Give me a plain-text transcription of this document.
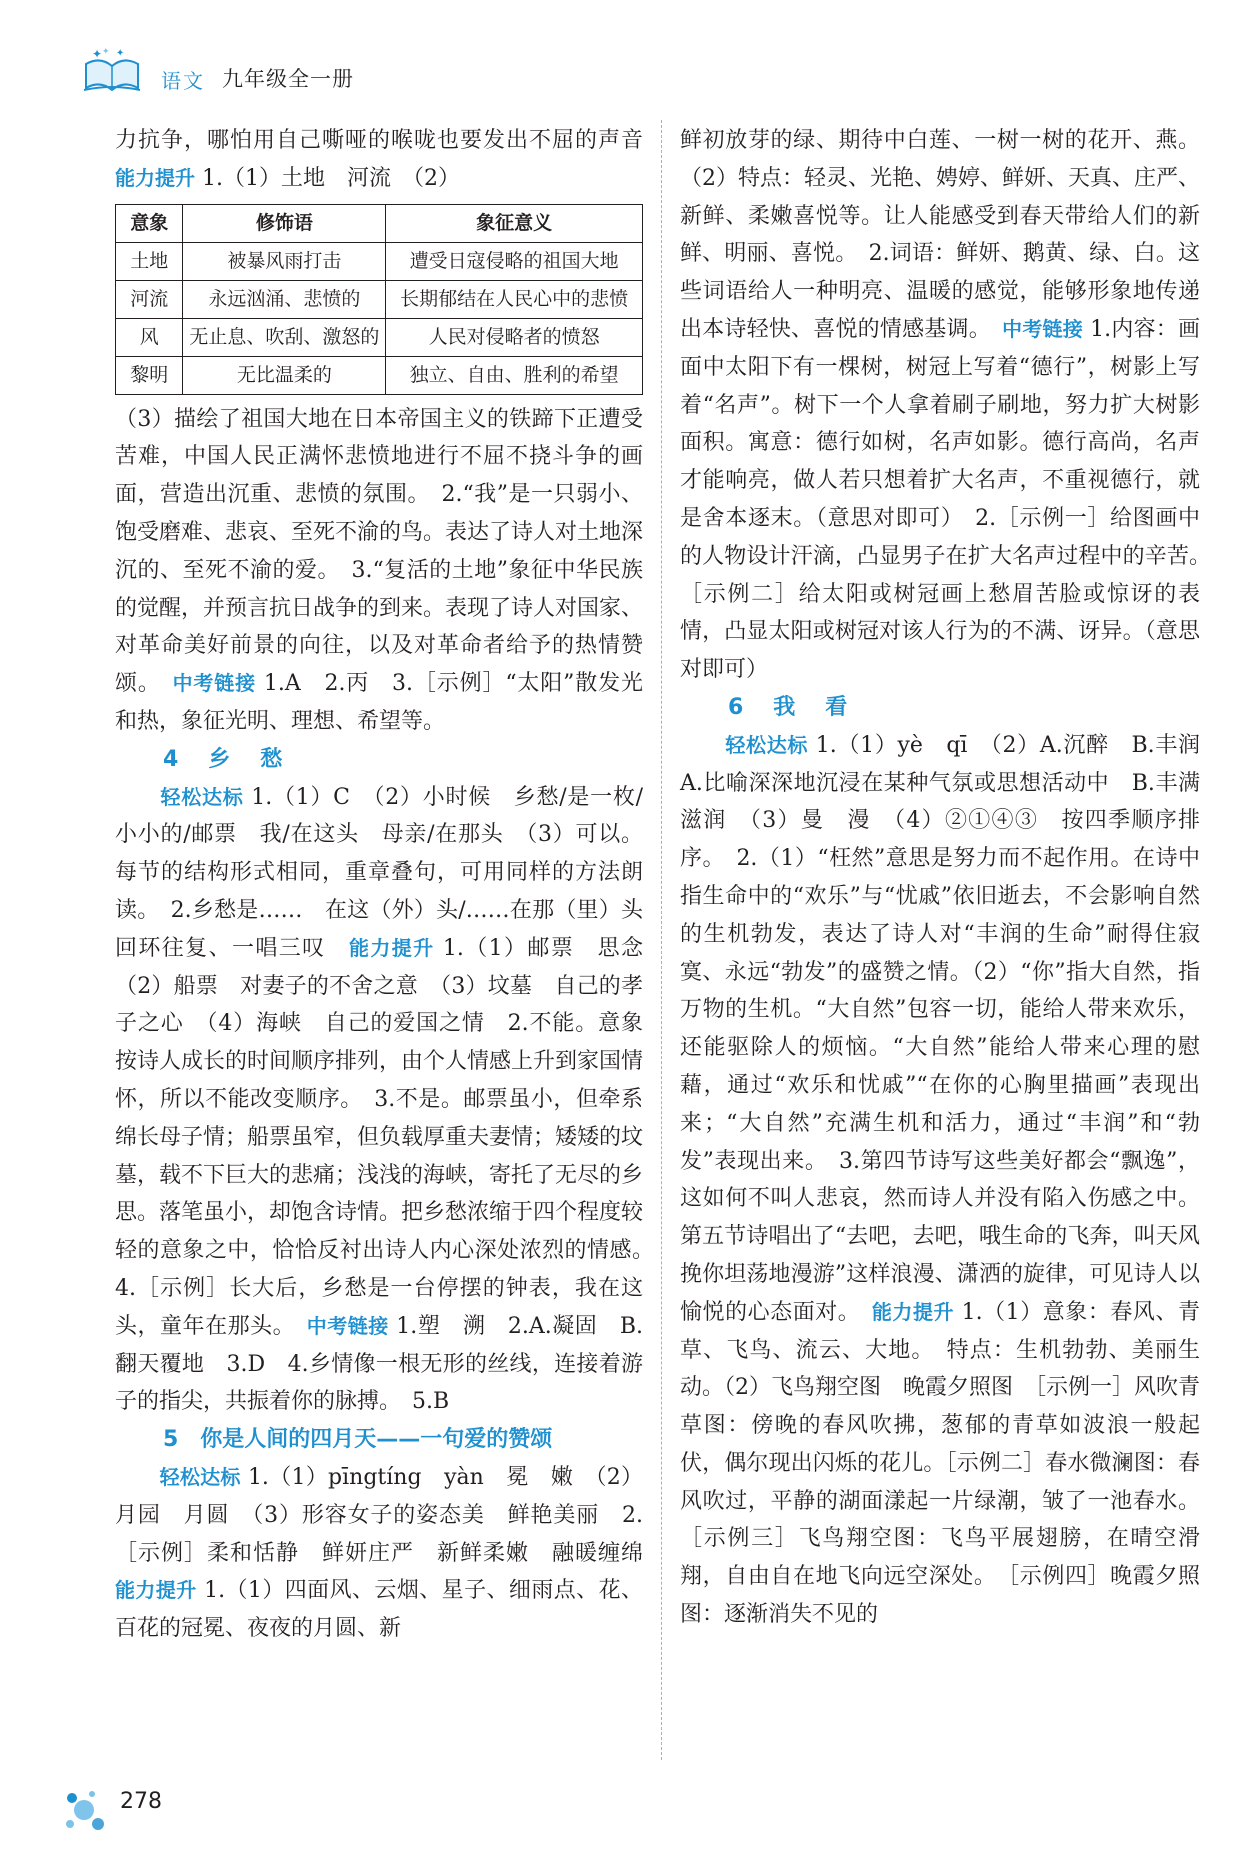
✦ ✦ ✦
语文 九年级全一册

力抗争，哪怕用自己嘶哑的喉咙也要发出不屈的声音　能力提升 1.（1）土地　河流　（2）

意象	修饰语	象征意义
土地	被暴风雨打击	遭受日寇侵略的祖国大地
河流	永远汹涌、悲愤的	长期郁结在人民心中的悲愤
风	无止息、吹刮、激怒的	人民对侵略者的愤怒
黎明	无比温柔的	独立、自由、胜利的希望

（3）描绘了祖国大地在日本帝国主义的铁蹄下正遭受苦难，中国人民正满怀悲愤地进行不屈不挠斗争的画面，营造出沉重、悲愤的氛围。　2.“我”是一只弱小、饱受磨难、悲哀、至死不渝的鸟。表达了诗人对土地深沉的、至死不渝的爱。　3.“复活的土地”象征中华民族的觉醒，并预言抗日战争的到来。表现了诗人对国家、对革命美好前景的向往，以及对革命者给予的热情赞颂。　 中考链接 1.A　2.丙　3.［示例］“太阳”散发光和热，象征光明、理想、希望等。

4　乡　愁

　　轻松达标 1.（1）C　（2）小时候　乡愁/是一枚/小小的/邮票　我/在这头　母亲/在那头　（3）可以。每节的结构形式相同，重章叠句，可用同样的方法朗读。　2.乡愁是……　在这（外）头/……在那（里）头　回环往复、一唱三叹　 能力提升 1.（1）邮票　思念　（2）船票　对妻子的不舍之意　（3）坟墓　自己的孝子之心　（4）海峡　自己的爱国之情　2.不能。意象按诗人成长的时间顺序排列，由个人情感上升到家国情怀，所以不能改变顺序。　3.不是。邮票虽小，但牵系绵长母子情；船票虽窄，但负载厚重夫妻情；矮矮的坟墓，载不下巨大的悲痛；浅浅的海峡，寄托了无尽的乡思。落笔虽小，却饱含诗情。把乡愁浓缩于四个程度较轻的意象之中，恰恰反衬出诗人内心深处浓烈的情感。　4.［示例］长大后，乡愁是一台停摆的钟表，我在这头，童年在那头。　 中考链接 1.塑　溯　2.A.凝固　B.翻天覆地　3.D　4.乡情像一根无形的丝线，连接着游子的指尖，共振着你的脉搏。　5.B

5　你是人间的四月天——一句爱的赞颂

　　轻松达标 1.（1）pīngtíng　yàn　冕　嫩　（2）月园　月圆　（3）形容女子的姿态美　鲜艳美丽　2.［示例］柔和恬静　鲜妍庄严　新鲜柔嫩　融暖缠绵　能力提升 1.（1）四面风、云烟、星子、细雨点、花、百花的冠冕、夜夜的月圆、新

鲜初放芽的绿、期待中白莲、一树一树的花开、燕。（2）特点：轻灵、光艳、娉婷、鲜妍、天真、庄严、新鲜、柔嫩喜悦等。让人能感受到春天带给人们的新鲜、明丽、喜悦。　2.词语：鲜妍、鹅黄、绿、白。这些词语给人一种明亮、温暖的感觉，能够形象地传递出本诗轻快、喜悦的情感基调。　 中考链接 1.内容：画面中太阳下有一棵树，树冠上写着“德行”，树影上写着“名声”。树下一个人拿着刷子刷地，努力扩大树影面积。寓意：德行如树，名声如影。德行高尚，名声才能响亮，做人若只想着扩大名声，不重视德行，就是舍本逐末。（意思对即可）　2.［示例一］给图画中的人物设计汗滴，凸显男子在扩大名声过程中的辛苦。　［示例二］给太阳或树冠画上愁眉苦脸或惊讶的表情，凸显太阳或树冠对该人行为的不满、讶异。（意思对即可）

6　我　看

　　轻松达标 1.（1）yè　qī　（2）A.沉醉　B.丰润　A.比喻深深地沉浸在某种气氛或思想活动中　B.丰满滋润　（3）曼　漫　（4）②①④③　按四季顺序排序。　2.（1）“枉然”意思是努力而不起作用。在诗中指生命中的“欢乐”与“忧戚”依旧逝去，不会影响自然的生机勃发，表达了诗人对“丰润的生命”耐得住寂寞、永远“勃发”的盛赞之情。（2）“你”指大自然，指万物的生机。“大自然”包容一切，能给人带来欢乐，还能驱除人的烦恼。“大自然”能给人带来心理的慰藉，通过“欢乐和忧戚”“在你的心胸里描画”表现出来；“大自然”充满生机和活力，通过“丰润”和“勃发”表现出来。　3.第四节诗写这些美好都会“飘逸”，这如何不叫人悲哀，然而诗人并没有陷入伤感之中。第五节诗唱出了“去吧，去吧，哦生命的飞奔，叫天风挽你坦荡地漫游”这样浪漫、潇洒的旋律，可见诗人以愉悦的心态面对。　 能力提升 1.（1）意象：春风、青草、飞鸟、流云、大地。　特点：生机勃勃、美丽生动。（2）飞鸟翔空图　晚霞夕照图　［示例一］风吹青草图：傍晚的春风吹拂，葱郁的青草如波浪一般起伏，偶尔现出闪烁的花儿。［示例二］春水微澜图：春风吹过，平静的湖面漾起一片绿潮，皱了一池春水。［示例三］飞鸟翔空图：飞鸟平展翅膀，在晴空滑翔，自由自在地飞向远空深处。　［示例四］晚霞夕照图：逐渐消失不见的

278
